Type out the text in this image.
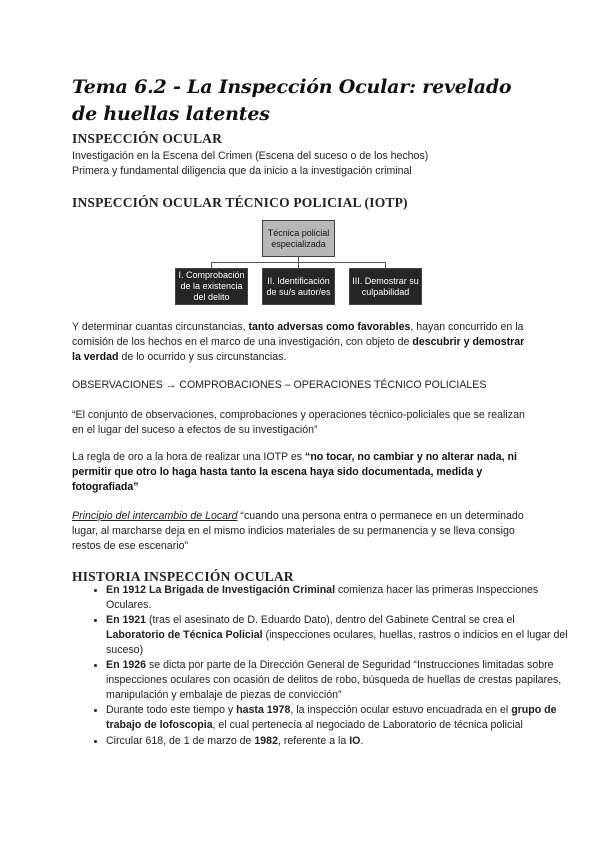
Tema 6.2 - La Inspección Ocular: revelado de huellas latentes
INSPECCIÓN OCULAR

Investigación en la Escena del Crimen (Escena del suceso o de los hechos)

Primera y fundamental diligencia que da inicio a la investigación criminal

INSPECCIÓN OCULAR TÉCNICO POLICIAL (IOTP)
Técnica policial especializada
I. Comprobación de la existencia del delito
II. Identificación de su/s autor/es
III. Demostrar su culpabilidad

Y determinar cuantas circunstancias, tanto adversas como favorables, hayan concurrido en la comisión de los hechos en el marco de una investigación, con objeto de descubrir y demostrar la verdad de lo ocurrido y sus circunstancias.

OBSERVACIONES → COMPROBACIONES – OPERACIONES TÉCNICO POLICIALES

“El conjunto de observaciones, comprobaciones y operaciones técnico-policiales que se realizan en el lugar del suceso a efectos de su investigación”

La regla de oro a la hora de realizar una IOTP es “no tocar, no cambiar y no alterar nada, ni permitir que otro lo haga hasta tanto la escena haya sido documentada, medida y fotografiada”

Principio del intercambio de Locard “cuando una persona entra o permanece en un determinado lugar, al marcharse deja en el mismo indicios materiales de su permanencia y se lleva consigo restos de ese escenario”

HISTORIA INSPECCIÓN OCULAR
• En 1912 La Brigada de Investigación Criminal comienza hacer las primeras Inspecciones Oculares.
• En 1921 (tras el asesinato de D. Eduardo Dato), dentro del Gabinete Central se crea el Laboratorio de Técnica Policial (inspecciones oculares, huellas, rastros o indicios en el lugar del suceso)
• En 1926 se dicta por parte de la Dirección General de Seguridad “Instrucciones limitadas sobre inspecciones oculares con ocasión de delitos de robo, búsqueda de huellas de crestas papilares, manipulación y embalaje de piezas de convicción”
• Durante todo este tiempo y hasta 1978, la inspección ocular estuvo encuadrada en el grupo de trabajo de lofoscopia, el cual pertenecía al negociado de Laboratorio de técnica policial
• Circular 618, de 1 de marzo de 1982, referente a la IO.
